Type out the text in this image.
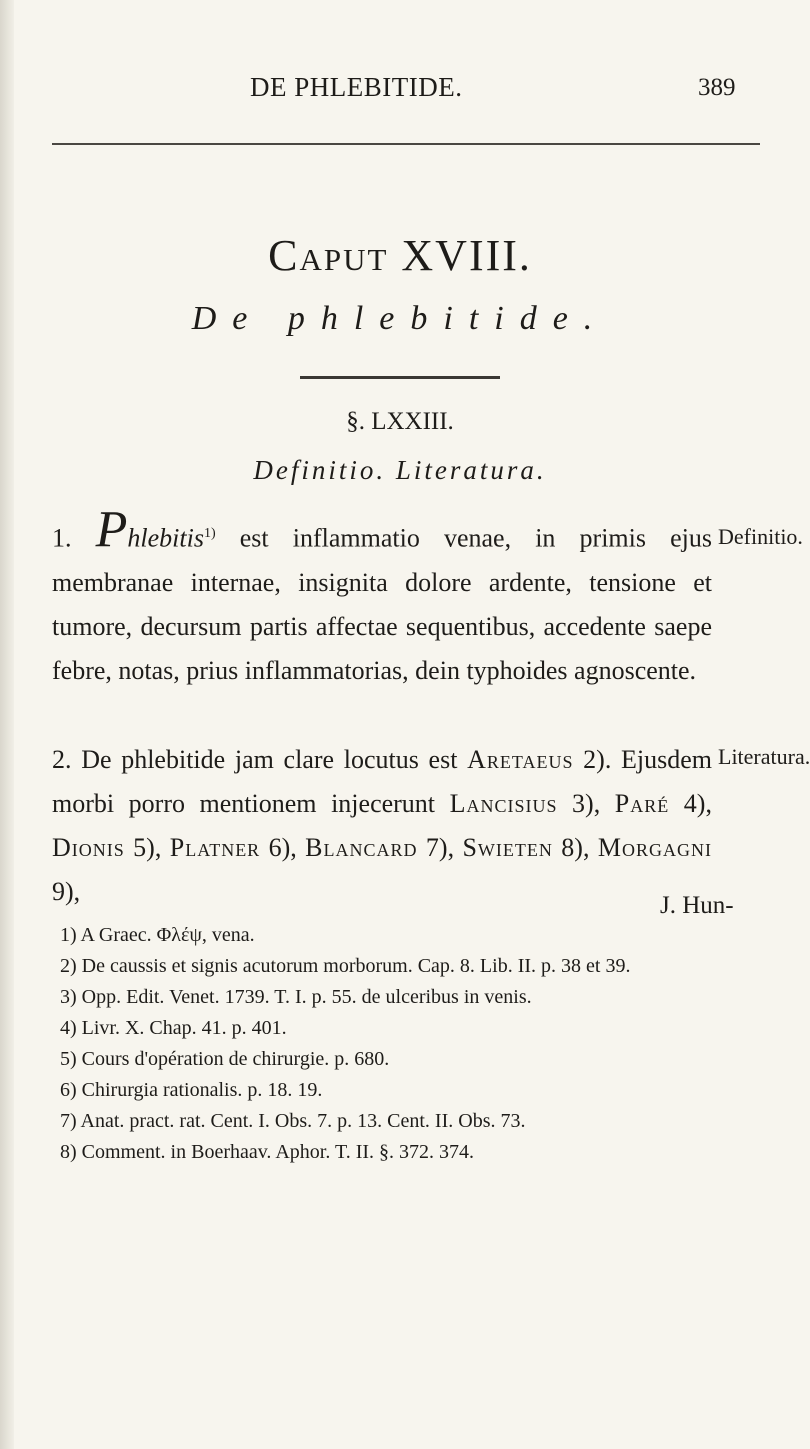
DE PHLEBITIDE.	389
Caput XVIII.
De phlebitide.
§. LXXIII.
Definitio. Literatura.
1. Phlebitis$^{1)}$ est inflammatio venae, in primis ejus membranae internae, insignita dolore ardente, tensione et tumore, decursum partis affectae sequentibus, accedente saepe febre, notas, prius inflammatorias, dein typhoides agnoscente.
Definitio.
2. De phlebitide jam clare locutus est Aretaeus 2). Ejusdem morbi porro mentionem injecerunt Lancisius 3), Paré 4), Dionis 5), Platner 6), Blancard 7), Swieten 8), Morgagni 9),
Literatura.
J. Hun-
1) A Graec. Φλέψ, vena.
2) De caussis et signis acutorum morborum. Cap. 8. Lib. II. p. 38 et 39.
3) Opp. Edit. Venet. 1739. T. I. p. 55. de ulceribus in venis.
4) Livr. X. Chap. 41. p. 401.
5) Cours d'opération de chirurgie. p. 680.
6) Chirurgia rationalis. p. 18. 19.
7) Anat. pract. rat. Cent. I. Obs. 7. p. 13. Cent. II. Obs. 73.
8) Comment. in Boerhaav. Aphor. T. II. §. 372. 374.
